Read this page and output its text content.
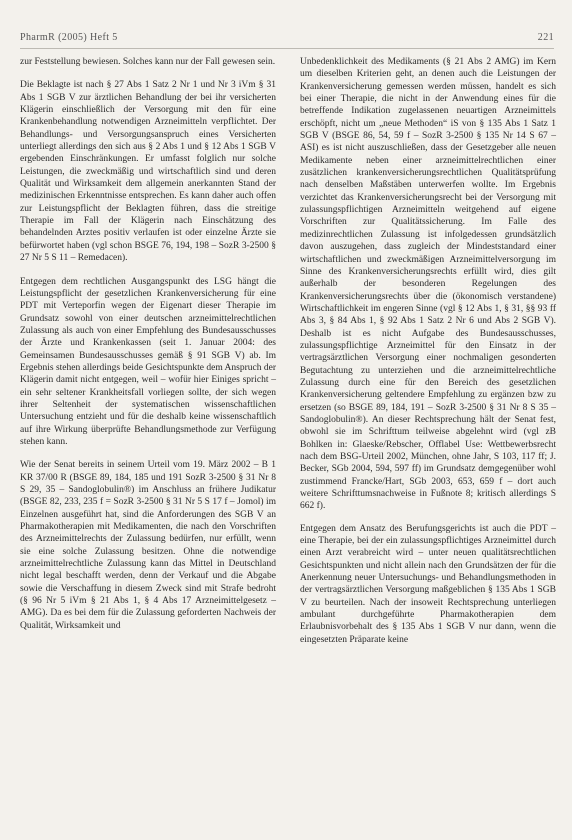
PharmR (2005) Heft 5	221

zur Feststellung bewiesen. Solches kann nur der Fall gewesen sein.

Die Beklagte ist nach § 27 Abs 1 Satz 2 Nr 1 und Nr 3 iVm § 31 Abs 1 SGB V zur ärztlichen Behandlung der bei ihr versicherten Klägerin einschließlich der Versorgung mit den für eine Krankenbehandlung notwendigen Arzneimitteln verpflichtet. Der Behandlungs- und Versorgungsanspruch eines Versicherten unterliegt allerdings den sich aus § 2 Abs 1 und § 12 Abs 1 SGB V ergebenden Einschränkungen. Er umfasst folglich nur solche Leistungen, die zweckmäßig und wirtschaftlich sind und deren Qualität und Wirksamkeit dem allgemein anerkannten Stand der medizinischen Erkenntnisse entsprechen. Es kann daher auch offen zur Leistungspflicht der Beklagten führen, dass die streitige Therapie im Fall der Klägerin nach Einschätzung des behandelnden Arztes positiv verlaufen ist oder einzelne Ärzte sie befürwortet haben (vgl schon BSGE 76, 194, 198 – SozR 3-2500 § 27 Nr 5 S 11 – Remedacen).

Entgegen dem rechtlichen Ausgangspunkt des LSG hängt die Leistungspflicht der gesetzlichen Krankenversicherung für eine PDT mit Verteporfin wegen der Eigenart dieser Therapie im Grundsatz sowohl von einer deutschen arzneimittelrechtlichen Zulassung als auch von einer Empfehlung des Bundesausschusses der Ärzte und Krankenkassen (seit 1. Januar 2004: des Gemeinsamen Bundesausschusses gemäß § 91 SGB V) ab. Im Ergebnis stehen allerdings beide Gesichtspunkte dem Anspruch der Klägerin damit nicht entgegen, weil – wofür hier Einiges spricht – ein sehr seltener Krankheitsfall vorliegen sollte, der sich wegen ihrer Seltenheit der systematischen wissenschaftlichen Untersuchung entzieht und für die deshalb keine wissenschaftlich auf ihre Wirkung überprüfte Behandlungsmethode zur Verfügung stehen kann.

Wie der Senat bereits in seinem Urteil vom 19. März 2002 – B 1 KR 37/00 R (BSGE 89, 184, 185 und 191 SozR 3-2500 § 31 Nr 8 S 29, 35 – Sandoglobulin®) im Anschluss an frühere Judikatur (BSGE 82, 233, 235 f = SozR 3-2500 § 31 Nr 5 S 17 f – Jomol) im Einzelnen ausgeführt hat, sind die Anforderungen des SGB V an Pharmakotherapien mit Medikamenten, die nach den Vorschriften des Arzneimittelrechts der Zulassung bedürfen, nur erfüllt, wenn sie eine solche Zulassung besitzen. Ohne die notwendige arzneimittelrechtliche Zulassung kann das Mittel in Deutschland nicht legal beschafft werden, denn der Verkauf und die Abgabe sowie die Verschaffung in diesem Zweck sind mit Strafe bedroht (§ 96 Nr 5 iVm § 21 Abs 1, § 4 Abs 17 Arzneimittelgesetz – AMG). Da es bei dem für die Zulassung geforderten Nachweis der Qualität, Wirksamkeit und

Unbedenklichkeit des Medikaments (§ 21 Abs 2 AMG) im Kern um dieselben Kriterien geht, an denen auch die Leistungen der Krankenversicherung gemessen werden müssen, handelt es sich bei einer Therapie, die nicht in der Anwendung eines für die betreffende Indikation zugelassenen neuartigen Arzneimittels erschöpft, nicht um „neue Methoden“ iS von § 135 Abs 1 Satz 1 SGB V (BSGE 86, 54, 59 f – SozR 3-2500 § 135 Nr 14 S 67 – ASI) es ist nicht auszuschließen, dass der Gesetzgeber alle neuen Medikamente neben einer arzneimittelrechtlichen einer zusätzlichen krankenversicherungsrechtlichen Qualitätsprüfung nach denselben Maßstäben unterwerfen wollte. Im Ergebnis verzichtet das Krankenversicherungsrecht bei der Versorgung mit zulassungspflichtigen Arzneimitteln weitgehend auf eigene Vorschriften zur Qualitätssicherung. Im Falle des medizinrechtlichen Zulassung ist infolgedessen grundsätzlich davon auszugehen, dass zugleich der Mindeststandard einer wirtschaftlichen und zweckmäßigen Arzneimittelversorgung im Sinne des Krankenversicherungsrechts erfüllt wird, dies gilt außerhalb der besonderen Regelungen des Krankenversicherungsrechts über die (ökonomisch verstandene) Wirtschaftlichkeit im engeren Sinne (vgl § 12 Abs 1, § 31, §§ 93 ff Abs 3, § 84 Abs 1, § 92 Abs 1 Satz 2 Nr 6 und Abs 2 SGB V). Deshalb ist es nicht Aufgabe des Bundesausschusses, zulassungspflichtige Arzneimittel für den Einsatz in der vertragsärztlichen Versorgung einer nochmaligen gesonderten Begutachtung zu unterziehen und die arzneimittelrechtliche Zulassung durch eine für den Bereich des gesetzlichen Krankenversicherung geltendere Empfehlung zu ergänzen bzw zu ersetzen (so BSGE 89, 184, 191 – SozR 3-2500 § 31 Nr 8 S 35 – Sandoglobulin®). An dieser Rechtsprechung hält der Senat fest, obwohl sie im Schrifttum teilweise abgelehnt wird (vgl zB Bohlken in: Glaeske/Rebscher, Offlabel Use: Wettbewerbsrecht nach dem BSG-Urteil 2002, München, ohne Jahr, S 103, 117 ff; J. Becker, SGb 2004, 594, 597 ff) im Grundsatz demgegenüber wohl zustimmend Francke/Hart, SGb 2003, 653, 659 f – dort auch weitere Schrifttumsnachweise in Fußnote 8; kritisch allerdings S 662 f).

Entgegen dem Ansatz des Berufungsgerichts ist auch die PDT – eine Therapie, bei der ein zulassungspflichtiges Arzneimittel durch einen Arzt verabreicht wird – unter neuen qualitätsrechtlichen Gesichtspunkten und nicht allein nach den Grundsätzen der für die Anerkennung neuer Untersuchungs- und Behandlungsmethoden in der vertragsärztlichen Versorgung maßgeblichen § 135 Abs 1 SGB V zu beurteilen. Nach der insoweit Rechtsprechung unterliegen ambulant durchgeführte Pharmakotherapien dem Erlaubnisvorbehalt des § 135 Abs 1 SGB V nur dann, wenn die eingesetzten Präparate keine
